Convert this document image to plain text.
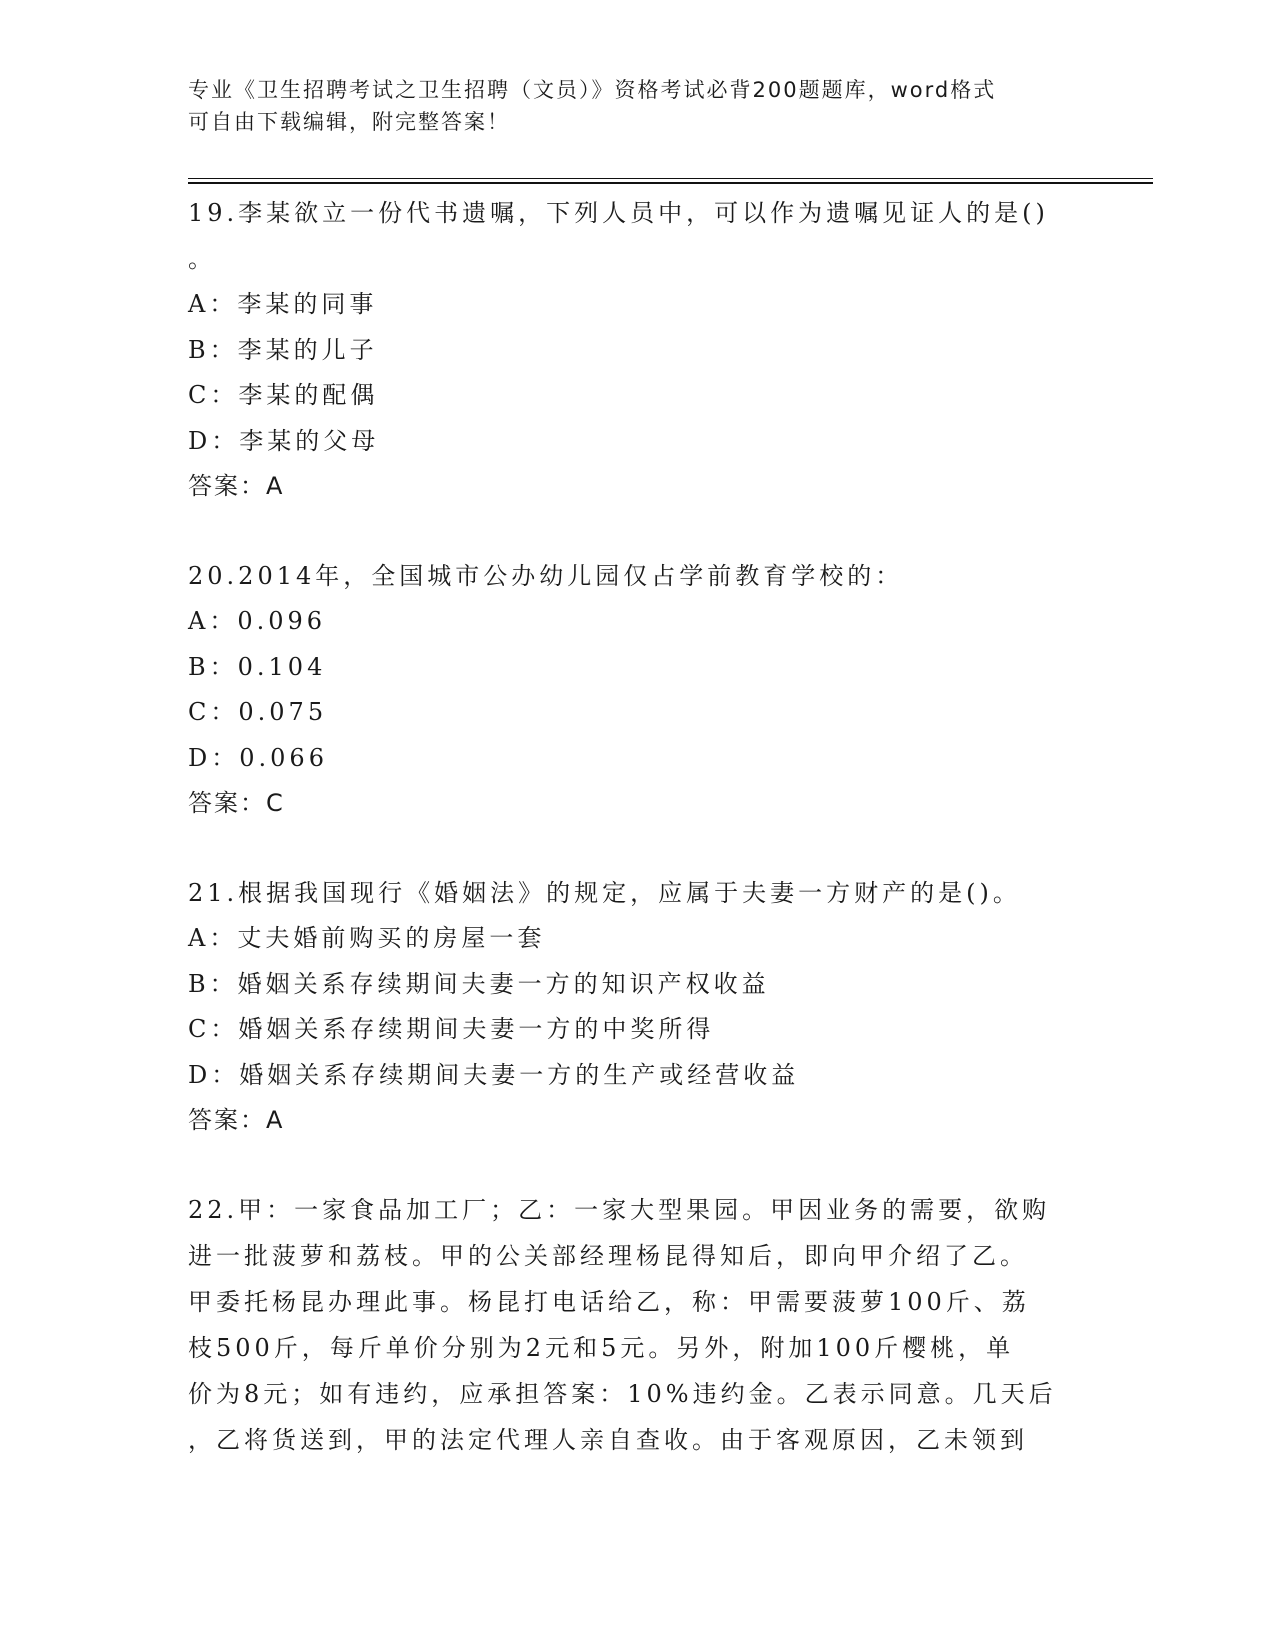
专业《卫生招聘考试之卫生招聘（文员）》资格考试必背200题题库，word格式
可自由下载编辑，附完整答案！
19.李某欲立一份代书遗嘱，下列人员中，可以作为遗嘱见证人的是()
。
A：李某的同事
B：李某的儿子
C：李某的配偶
D：李某的父母
答案：A
20.2014年，全国城市公办幼儿园仅占学前教育学校的：
A：0.096
B：0.104
C：0.075
D：0.066
答案：C
21.根据我国现行《婚姻法》的规定，应属于夫妻一方财产的是()。
A：丈夫婚前购买的房屋一套
B：婚姻关系存续期间夫妻一方的知识产权收益
C：婚姻关系存续期间夫妻一方的中奖所得
D：婚姻关系存续期间夫妻一方的生产或经营收益
答案：A
22.甲：一家食品加工厂；乙：一家大型果园。甲因业务的需要，欲购
进一批菠萝和荔枝。甲的公关部经理杨昆得知后，即向甲介绍了乙。
甲委托杨昆办理此事。杨昆打电话给乙，称：甲需要菠萝100斤、荔
枝500斤，每斤单价分别为2元和5元。另外，附加100斤樱桃，单
价为8元；如有违约，应承担答案：10%违约金。乙表示同意。几天后
，乙将货送到，甲的法定代理人亲自查收。由于客观原因，乙未领到
